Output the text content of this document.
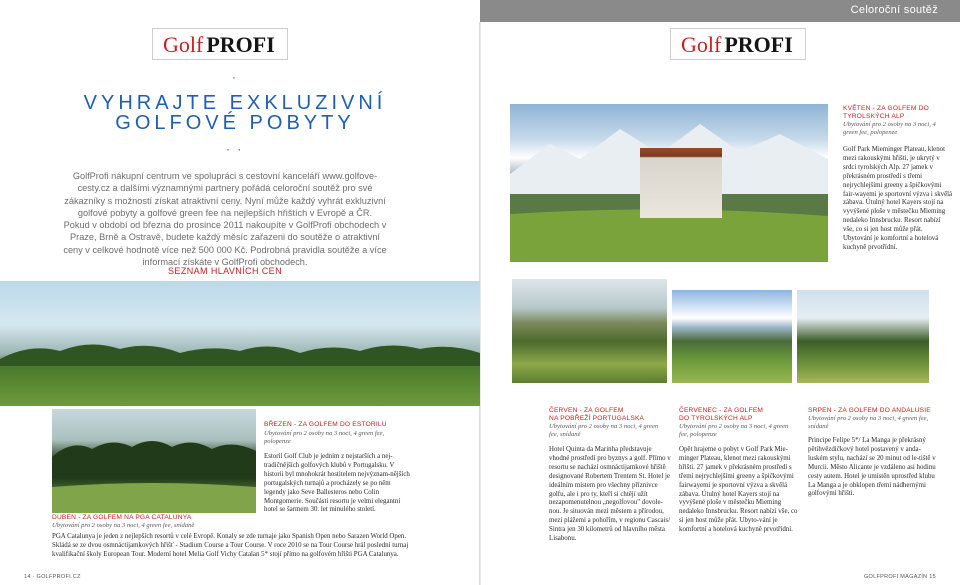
Celoroční soutěž
Golf PROFI	Golf PROFI
·
VYHRAJTE EXKLUZIVNÍ
GOLFOVÉ POBYTY
· ·

GolfProfi nákupní centrum ve spolupráci s cestovní kanceláří www.golfove-cesty.cz a dalšími významnými partnery pořádá celoroční soutěž pro své zákazníky s možností získat atraktivní ceny. Nyní může každý vyhrát exkluzivní golfové pobyty a golfové green fee na nejlepších hřištích v Evropě a ČR.

Pokud v období od března do prosince 2011 nakoupíte v GolfProfi obchodech v Praze, Brně a Ostravě, budete každý měsíc zařazeni do soutěže o atraktivní ceny v celkové hodnotě více než 500 000 Kč. Podrobná pravidla soutěže a více informací získáte v GolfProfi obchodech.

SEZNAM HLAVNÍCH CEN
KVĚTEN - ZA GOLFEM DO
TYROLSKÝCH ALP
Ubytování pro 2 osoby na 3 noci, 4 green fee, polopenze
Golf Park Mieminger Plateau, klenot mezi rakouskými hřišti, je ukrytý v srdci tyrolských Alp. 27 jamek v překrásném prostředí s třemi nejrychlejšími greeny a špičkovými fair-wayemi je sportovní výzva i skvělá zábava. Útulný hotel Kayers stojí na vyvýšené ploše v městečku Mieming nedaleko Innsbrucku. Resort nabízí vše, co si jen host může přát. Ubytování je komfortní a hotelová kuchyně prvotřídní.
BŘEZEN - ZA GOLFEM DO ESTORILU
Ubytování pro 2 osoby na 3 noci, 4 green fee, polopenze
Estoril Golf Club je jedním z nejstarších a nej-tradičnějších golfových klubů v Portugalsku. V historii byl mnohokrát hostitelem nejvýznam-nějších portugalských turnajů a procházely se po něm legendy jako Seve Ballesteros nebo Colin Montgomerie. Součástí resortu je velmi elegantní hotel se šarmem 30. let minulého století.
DUBEN - ZA GOLFEM NA PGA CATALUNYA
Ubytování pro 2 osoby na 3 noci, 4 green fee, snídaně
PGA Catalunya je jeden z nejlepších resortů v celé Evropě. Konaly se zde turnaje jako Spanish Open nebo Sarazen World Open. Skládá se ze dvou osmnáctijamkových hřišť - Stadium Course a Tour Course. V roce 2010 se na Tour Course hrál poslední turnaj kvalifikační školy European Tour. Moderní hotel Melia Golf Vichy Catalan 5* stojí přímo na golfovém hřišti PGA Catalunya.
ČERVEN - ZA GOLFEM
NA POBŘEŽÍ PORTUGALSKA
Ubytování pro 2 osoby na 3 noci, 4 green fee, snídaně
Hotel Quinta da Marinha představuje vhodné prostředí pro byznys a golf. Přímo v resortu se nachází osmnáctijamkové hřiště designované Robertem Trentem St. Hotel je ideálním místem pro všechny příznivce golfu, ale i pro ty, kteří si chtějí užít nezapomenutelnou „negolfovou" dovole-nou. Je situován mezi městem a přírodou, mezi plážemi a pohořím, v regionu Cascais/ Sintra jen 30 kilometrů od hlavního města Lisabonu.
ČERVENEC - ZA GOLFEM
DO TYROLSKÝCH ALP
Ubytování pro 2 osoby na 3 noci, 4 green fee, polopenze
Opět hrajeme o pobyt v Golf Park Mie-minger Plateau, klenot mezi rakouskými hřišti. 27 jamek v překrásném prostředí s třemi nejrychlejšími greeny a špičkovými fairwayemi je sportovní výzva a skvělá zábava. Útulný hotel Kayers stojí na vyvýšené ploše v městečku Mieming nedaleko Innsbrucku. Resort nabízí vše, co si jen host může přát. Ubyto-vání je komfortní a hotelová kuchyně prvotřídní.
SRPEN - ZA GOLFEM DO ANDALUSIE
Ubytování pro 2 osoby na 3 noci, 4 green fee, snídaně
Principe Felipe 5*/ La Manga je překrásný pětihvězdičkový hotel postavený v anda-luském stylu, nachází se 20 minut od le-tiště v Murcii. Město Alicante je vzdáleno asi hodinu cesty autem. Hotel je umístěn uprostřed klubu La Manga a je obklopen třemi nádhernými golfovými hřišti.
14 · GOLFPROFI.CZ	GOLFPROFI MAGAZÍN 15
